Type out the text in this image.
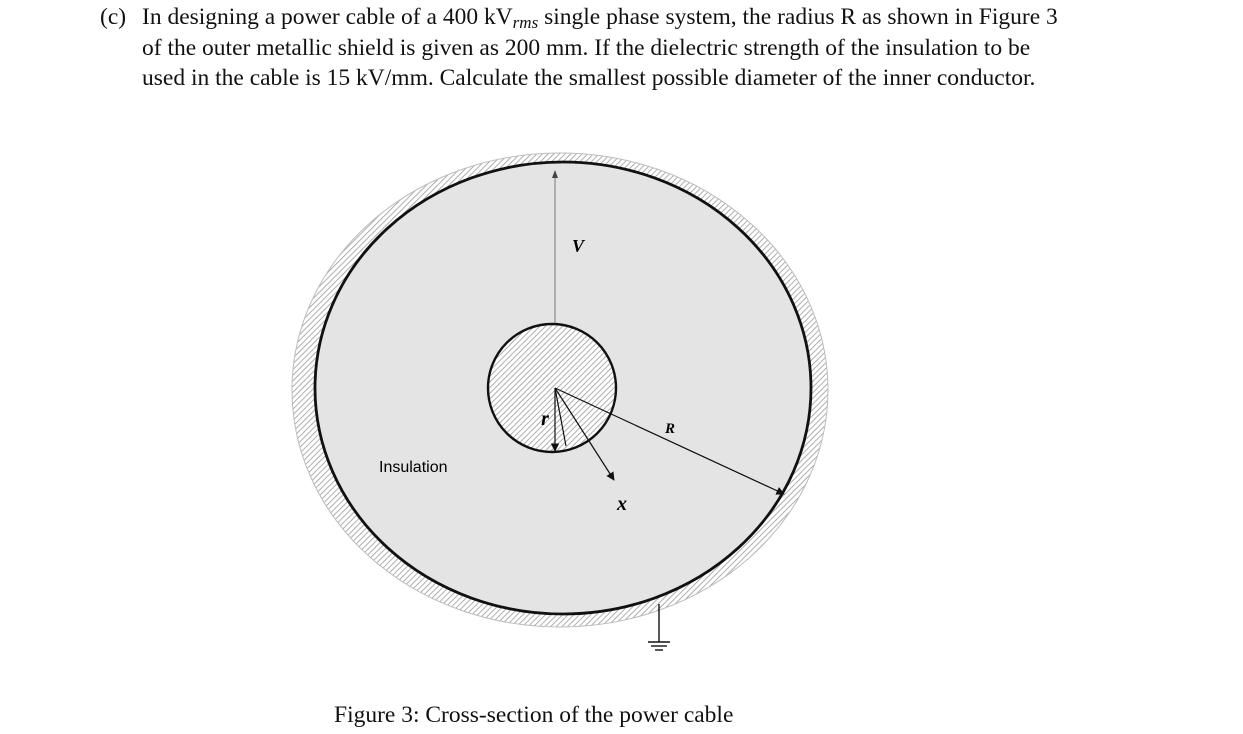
(c) In designing a power cable of a 400 $kV_{rms}$ single phase system, the radius R as shown in Figure 3 of the outer metallic shield is given as 200 mm. If the dielectric strength of the insulation to be used in the cable is 15 kV/mm. Calculate the smallest possible diameter of the inner conductor.
V
r	R
x
Insulation
Figure 3: Cross-section of the power cable
